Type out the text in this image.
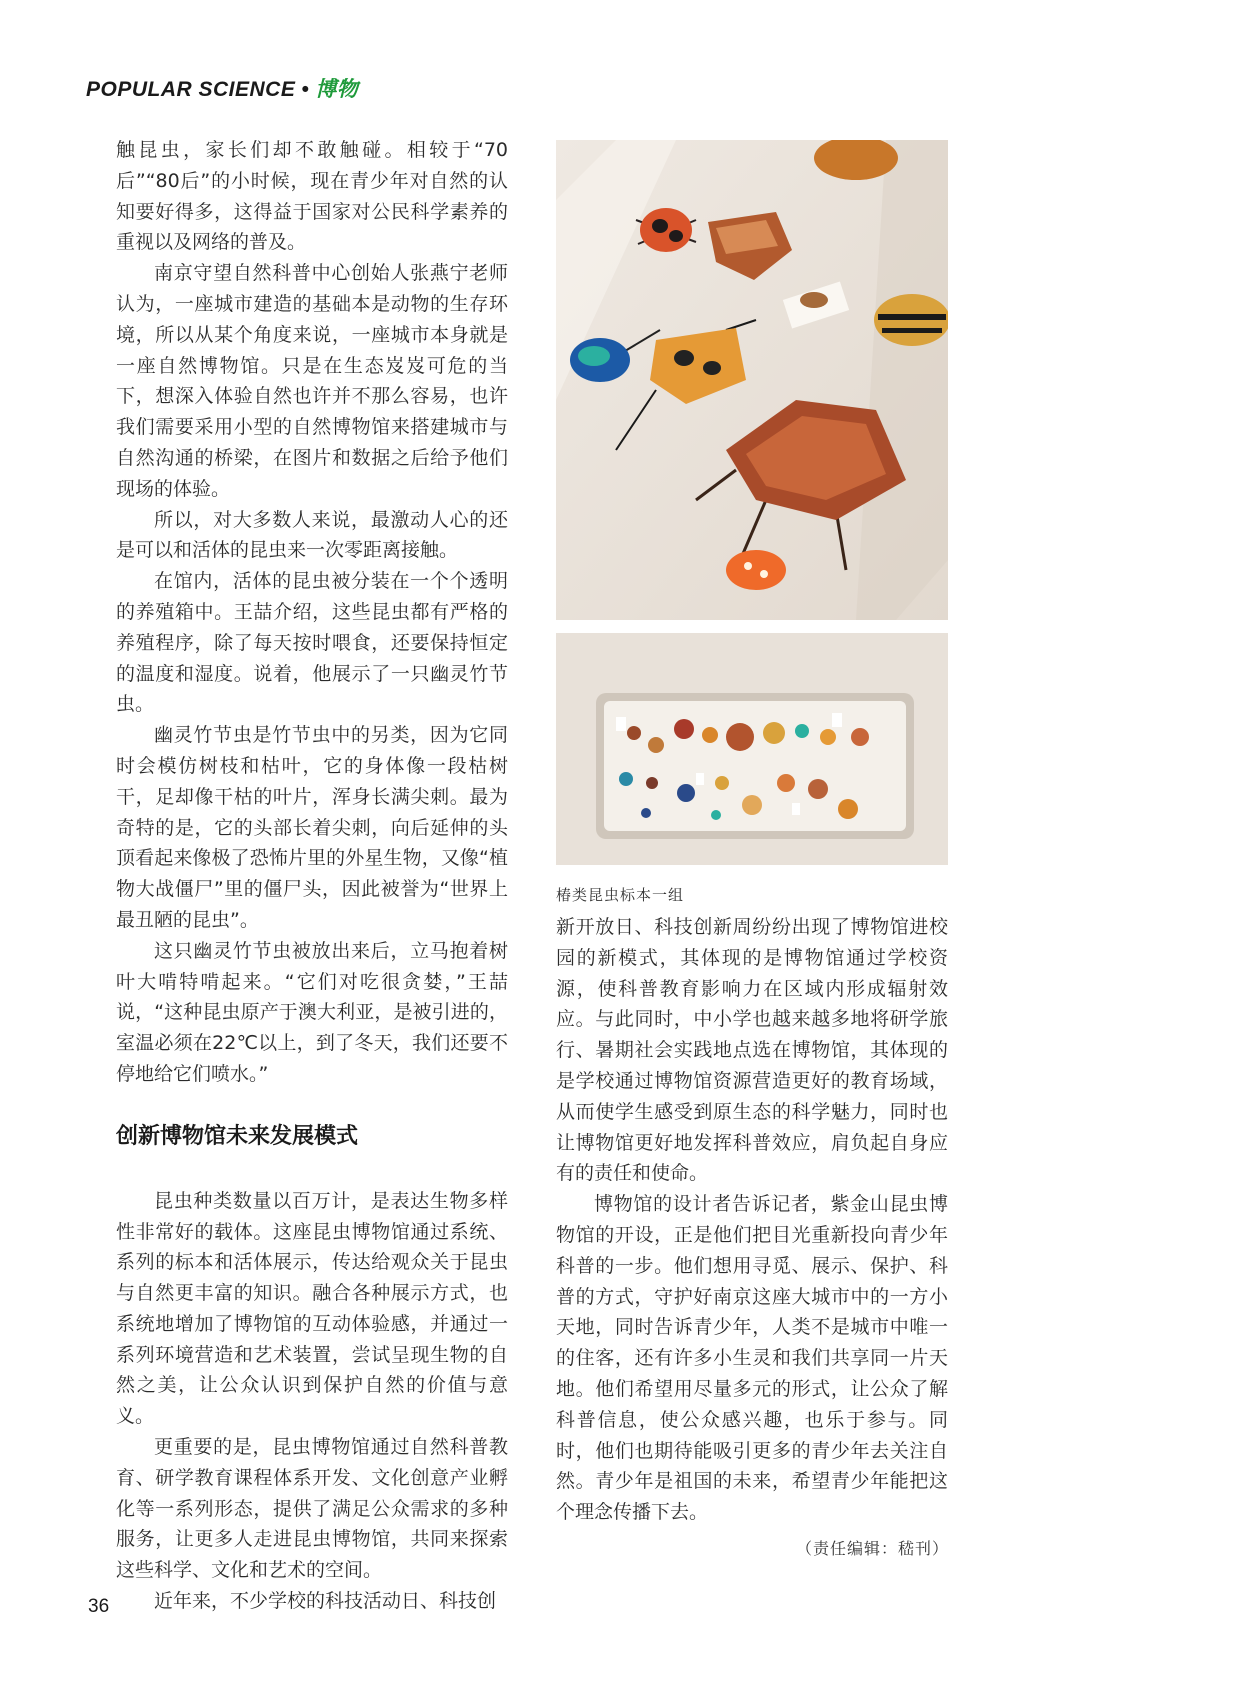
POPULAR SCIENCE • 博物

触昆虫，家长们却不敢触碰。相较于“70后”“80后”的小时候，现在青少年对自然的认知要好得多，这得益于国家对公民科学素养的重视以及网络的普及。

南京守望自然科普中心创始人张燕宁老师认为，一座城市建造的基础本是动物的生存环境，所以从某个角度来说，一座城市本身就是一座自然博物馆。只是在生态岌岌可危的当下，想深入体验自然也许并不那么容易，也许我们需要采用小型的自然博物馆来搭建城市与自然沟通的桥梁，在图片和数据之后给予他们现场的体验。

所以，对大多数人来说，最激动人心的还是可以和活体的昆虫来一次零距离接触。

在馆内，活体的昆虫被分装在一个个透明的养殖箱中。王喆介绍，这些昆虫都有严格的养殖程序，除了每天按时喂食，还要保持恒定的温度和湿度。说着，他展示了一只幽灵竹节虫。

幽灵竹节虫是竹节虫中的另类，因为它同时会模仿树枝和枯叶，它的身体像一段枯树干，足却像干枯的叶片，浑身长满尖刺。最为奇特的是，它的头部长着尖刺，向后延伸的头顶看起来像极了恐怖片里的外星生物，又像“植物大战僵尸”里的僵尸头，因此被誉为“世界上最丑陋的昆虫”。

这只幽灵竹节虫被放出来后，立马抱着树叶大啃特啃起来。“它们对吃很贪婪，”王喆说，“这种昆虫原产于澳大利亚，是被引进的，室温必须在22℃以上，到了冬天，我们还要不停地给它们喷水。”

创新博物馆未来发展模式

昆虫种类数量以百万计，是表达生物多样性非常好的载体。这座昆虫博物馆通过系统、系列的标本和活体展示，传达给观众关于昆虫与自然更丰富的知识。融合各种展示方式，也系统地增加了博物馆的互动体验感，并通过一系列环境营造和艺术装置，尝试呈现生物的自然之美，让公众认识到保护自然的价值与意义。

更重要的是，昆虫博物馆通过自然科普教育、研学教育课程体系开发、文化创意产业孵化等一系列形态，提供了满足公众需求的多种服务，让更多人走进昆虫博物馆，共同来探索这些科学、文化和艺术的空间。

近年来，不少学校的科技活动日、科技创

椿类昆虫标本一组

新开放日、科技创新周纷纷出现了博物馆进校园的新模式，其体现的是博物馆通过学校资源，使科普教育影响力在区域内形成辐射效应。与此同时，中小学也越来越多地将研学旅行、暑期社会实践地点选在博物馆，其体现的是学校通过博物馆资源营造更好的教育场域，从而使学生感受到原生态的科学魅力，同时也让博物馆更好地发挥科普效应，肩负起自身应有的责任和使命。

博物馆的设计者告诉记者，紫金山昆虫博物馆的开设，正是他们把目光重新投向青少年科普的一步。他们想用寻觅、展示、保护、科普的方式，守护好南京这座大城市中的一方小天地，同时告诉青少年，人类不是城市中唯一的住客，还有许多小生灵和我们共享同一片天地。他们希望用尽量多元的形式，让公众了解科普信息，使公众感兴趣，也乐于参与。同时，他们也期待能吸引更多的青少年去关注自然。青少年是祖国的未来，希望青少年能把这个理念传播下去。

（责任编辑：嵇刊）
36
